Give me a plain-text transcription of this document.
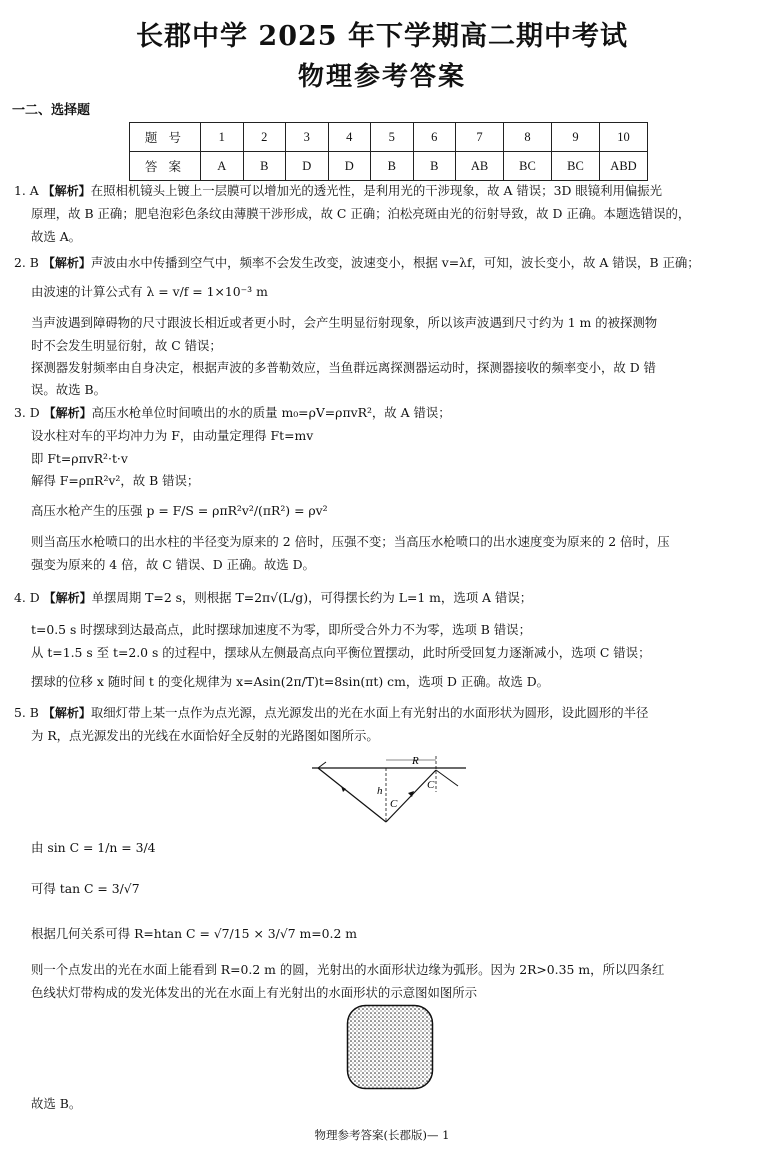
长郡中学 2025 年下学期高二期中考试
物理参考答案
一二、选择题
题 号	1	2	3	4	5	6	7	8	9	10
答 案	A	B	D	D	B	B	AB	BC	BC	ABD
1. A 【解析】在照相机镜头上镀上一层膜可以增加光的透光性，是利用光的干涉现象，故 A 错误；3D 眼镜利用偏振光
原理，故 B 正确；肥皂泡彩色条纹由薄膜干涉形成，故 C 正确；泊松亮斑由光的衍射导致，故 D 正确。本题选错误的，
故选 A。
2. B 【解析】声波由水中传播到空气中，频率不会发生改变，波速变小，根据 v=λf，可知，波长变小，故 A 错误，B 正确；
由波速的计算公式有 λ = v/f = 1×10⁻³ m
当声波遇到障碍物的尺寸跟波长相近或者更小时，会产生明显衍射现象，所以该声波遇到尺寸约为 1 m 的被探测物
时不会发生明显衍射，故 C 错误；
探测器发射频率由自身决定，根据声波的多普勒效应，当鱼群远离探测器运动时，探测器接收的频率变小，故 D 错
误。故选 B。
3. D 【解析】高压水枪单位时间喷出的水的质量 m₀=ρV=ρπvR²，故 A 错误；
设水柱对车的平均冲力为 F，由动量定理得 Ft=mv
即 Ft=ρπvR²·t·v
解得 F=ρπR²v²，故 B 错误；
高压水枪产生的压强 p = F/S = ρπR²v²/(πR²) = ρv²
则当高压水枪喷口的出水柱的半径变为原来的 2 倍时，压强不变；当高压水枪喷口的出水速度变为原来的 2 倍时，压
强变为原来的 4 倍，故 C 错误、D 正确。故选 D。
4. D 【解析】单摆周期 T=2 s，则根据 T=2π√(L/g)，可得摆长约为 L=1 m，选项 A 错误；
t=0.5 s 时摆球到达最高点，此时摆球加速度不为零，即所受合外力不为零，选项 B 错误；
从 t=1.5 s 至 t=2.0 s 的过程中，摆球从左侧最高点向平衡位置摆动，此时所受回复力逐渐减小，选项 C 错误；
摆球的位移 x 随时间 t 的变化规律为 x=Asin(2π/T)t=8sin(πt) cm，选项 D 正确。故选 D。
5. B 【解析】取细灯带上某一点作为点光源，点光源发出的光在水面上有光射出的水面形状为圆形，设此圆形的半径
为 R，点光源发出的光线在水面恰好全反射的光路图如图所示。
R
h
C
C
由 sin C = 1/n = 3/4
可得 tan C = 3/√7
根据几何关系可得 R=htan C = √7/15 × 3/√7 m=0.2 m
则一个点发出的光在水面上能看到 R=0.2 m 的圆，光射出的水面形状边缘为弧形。因为 2R>0.35 m，所以四条红
色线状灯带构成的发光体发出的光在水面上有光射出的水面形状的示意图如图所示
故选 B。
物理参考答案(长郡版)— 1
